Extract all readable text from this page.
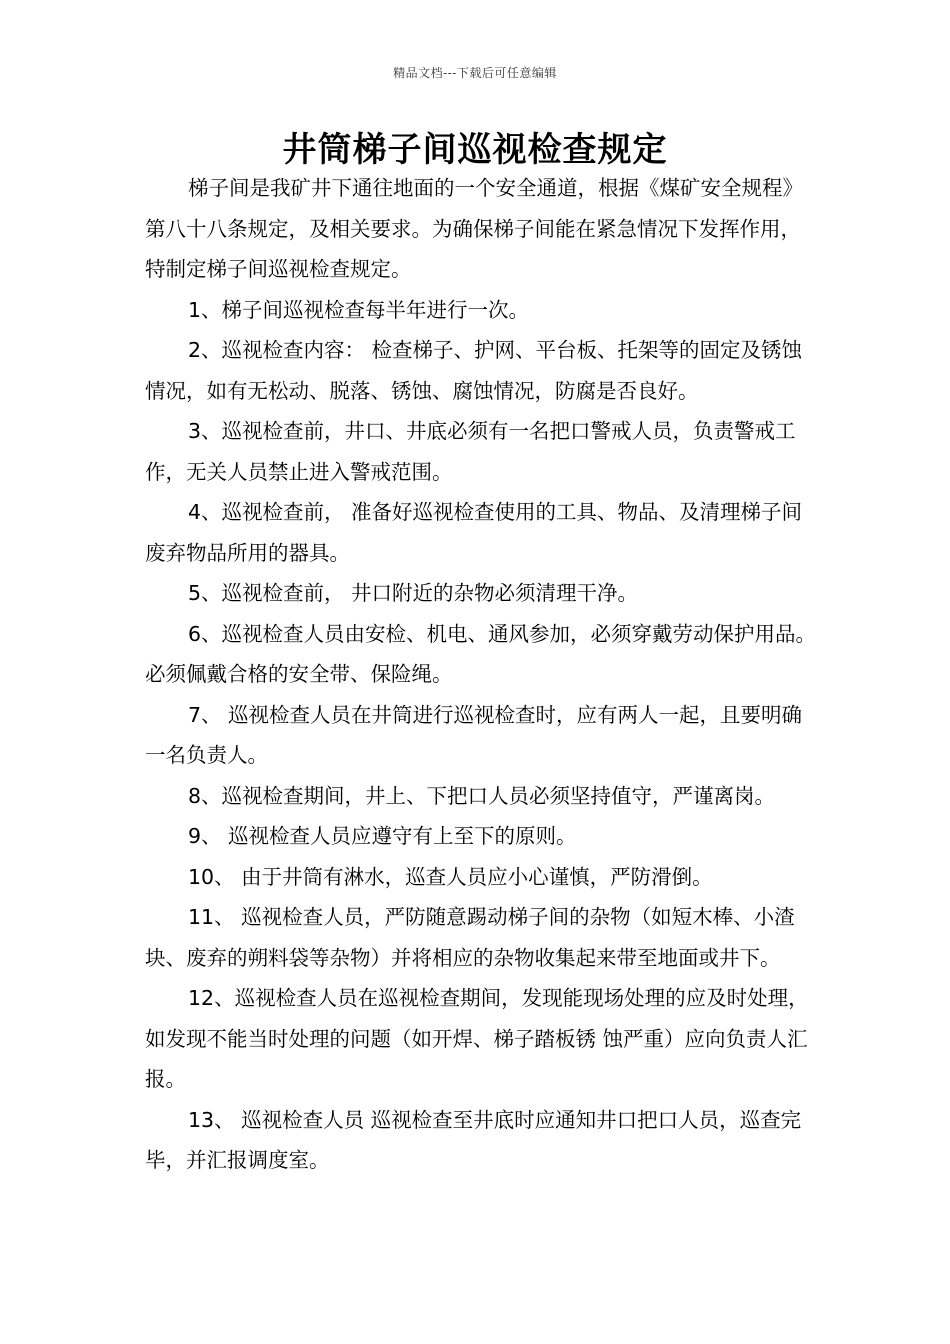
精品文档---下载后可任意编辑
井筒梯子间巡视检查规定

梯子间是我矿井下通往地面的一个安全通道，根据《煤矿安全规程》第八十八条规定，及相关要求。为确保梯子间能在紧急情况下发挥作用，特制定梯子间巡视检查规定。

1、梯子间巡视检查每半年进行一次。

2、巡视检查内容： 检查梯子、护网、平台板、托架等的固定及锈蚀情况，如有无松动、脱落、锈蚀、腐蚀情况，防腐是否良好。

3、巡视检查前，井口、井底必须有一名把口警戒人员，负责警戒工作，无关人员禁止进入警戒范围。

4、巡视检查前， 准备好巡视检查使用的工具、物品、及清理梯子间废弃物品所用的器具。

5、巡视检查前， 井口附近的杂物必须清理干净。

6、巡视检查人员由安检、机电、通风参加，必须穿戴劳动保护用品。必须佩戴合格的安全带、保险绳。

7、 巡视检查人员在井筒进行巡视检查时，应有两人一起，且要明确一名负责人。

8、巡视检查期间，井上、下把口人员必须坚持值守，严谨离岗。

9、 巡视检查人员应遵守有上至下的原则。

10、 由于井筒有淋水，巡查人员应小心谨慎，严防滑倒。

11、 巡视检查人员，严防随意踢动梯子间的杂物（如短木棒、小渣块、废弃的朔料袋等杂物）并将相应的杂物收集起来带至地面或井下。

12、巡视检查人员在巡视检查期间，发现能现场处理的应及时处理，如发现不能当时处理的问题（如开焊、梯子踏板锈 蚀严重）应向负责人汇报。

13、 巡视检查人员 巡视检查至井底时应通知井口把口人员，巡查完毕，并汇报调度室。
